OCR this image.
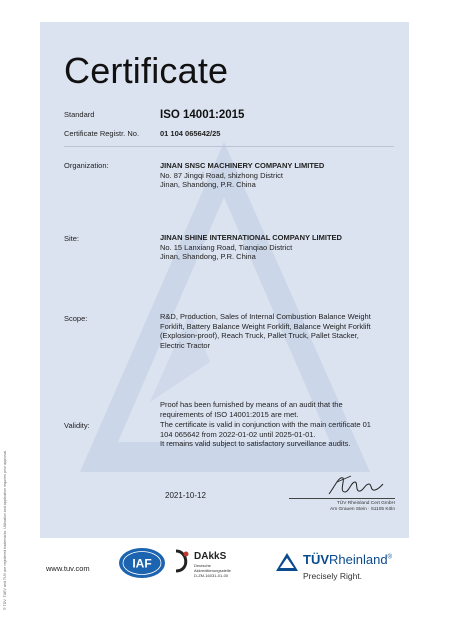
Certificate
Standard	ISO 14001:2015
Certificate Registr. No.	01 104 065642/25
Organization:	JINAN SNSC MACHINERY COMPANY LIMITED
No. 87 Jingqi Road, shizhong District
Jinan, Shandong, P.R. China
Site:	JINAN SHINE INTERNATIONAL COMPANY LIMITED
No. 15 Lanxiang Road, Tianqiao District
Jinan, Shandong, P.R. China
Scope:	R&D, Production, Sales of Internal Combustion Balance Weight
Forklift, Battery Balance Weight Forklift, Balance Weight Forklift
(Explosion-proof), Reach Truck, Pallet Truck, Pallet Stacker,
Electric Tractor
Proof has been furnished by means of an audit that the
requirements of ISO 14001:2015 are met.
Validity:	The certificate is valid in conjunction with the main certificate 01
104 065642 from 2022-01-02 until 2025-01-01.
It remains valid subject to satisfactory surveillance audits.
2021-10-12
TÜV Rheinland Cert GmbH
Am Grauen Stein · 51105 Köln
® TÜV, TUEV and TUV are registered trademarks. Utilisation and application requires prior approval.	www.tuv.com	IAF	DAkkS
Deutsche
Akkreditierungsstelle
D-ZM-16031-01-00
TÜVRheinland®
Precisely Right.
